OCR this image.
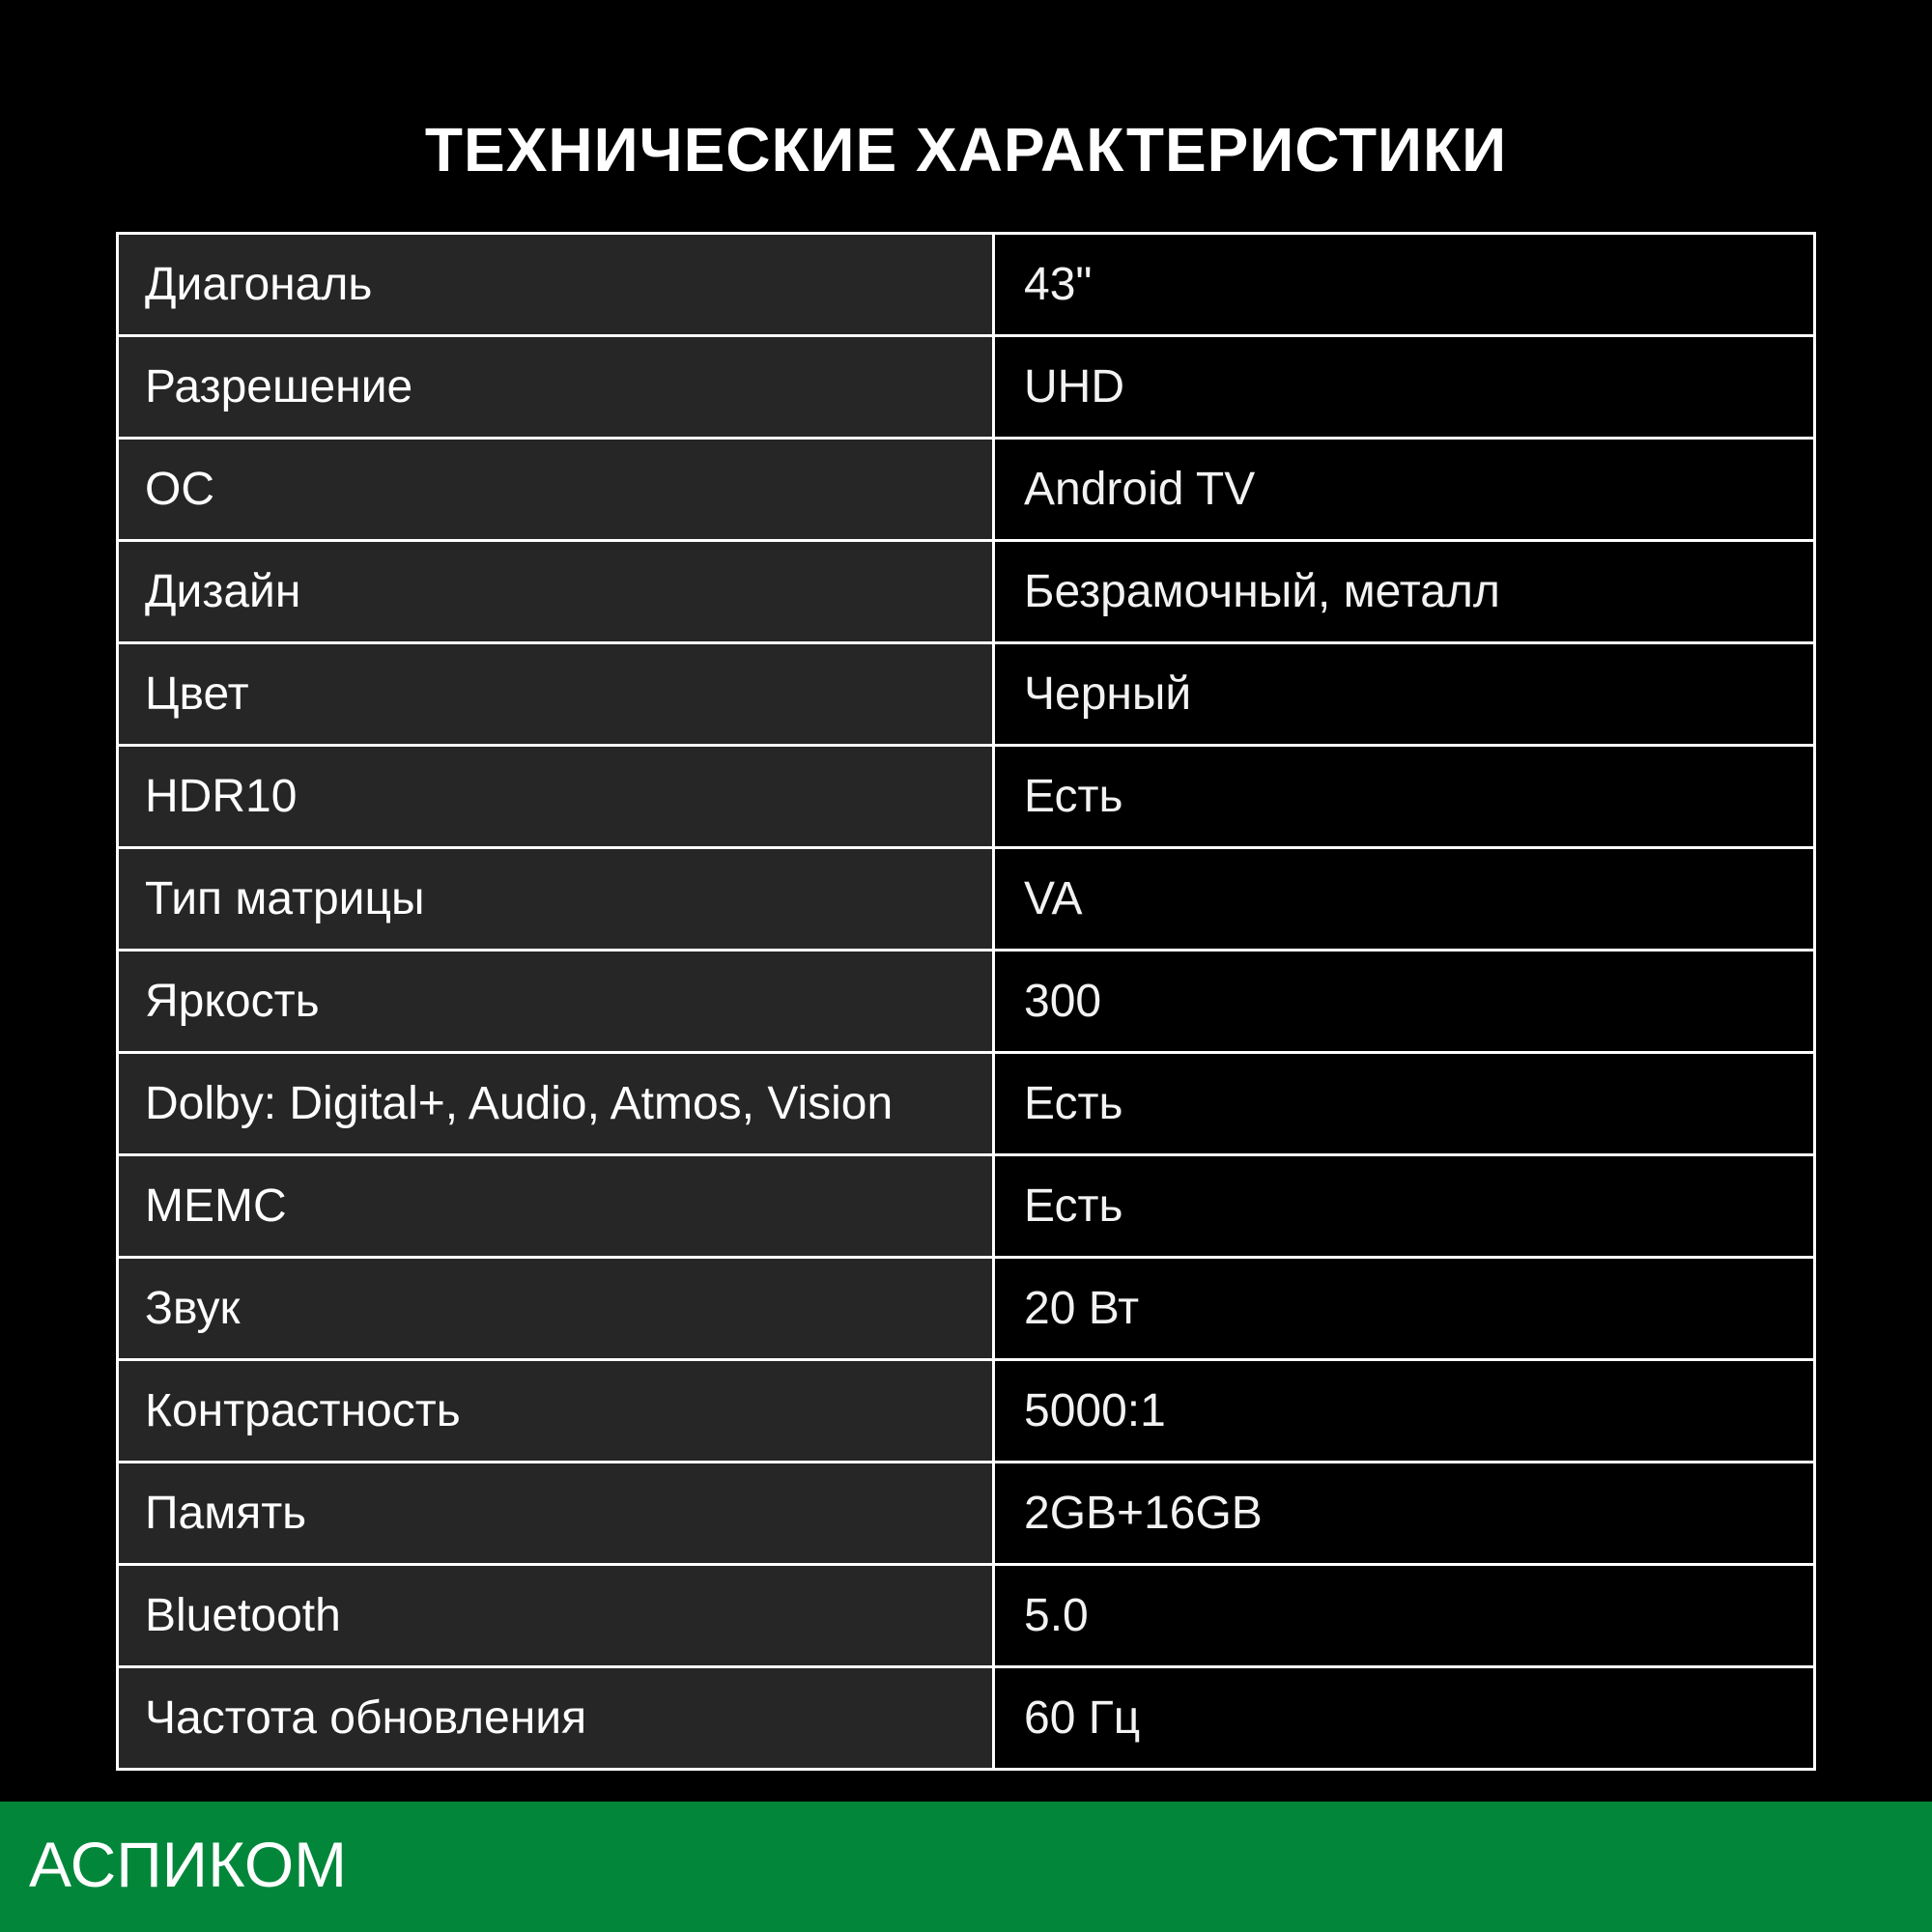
ТЕХНИЧЕСКИЕ ХАРАКТЕРИСТИКИ
Диагональ	43"
Разрешение	UHD
ОС	Android TV
Дизайн	Безрамочный, металл
Цвет	Черный
HDR10	Есть
Тип матрицы	VA
Яркость	300
Dolby: Digital+, Audio, Atmos, Vision	Есть
MEMC	Есть
Звук	20 Вт
Контрастность	5000:1
Память	2GB+16GB
Bluetooth	5.0
Частота обновления	60 Гц
АСПИКОМ
